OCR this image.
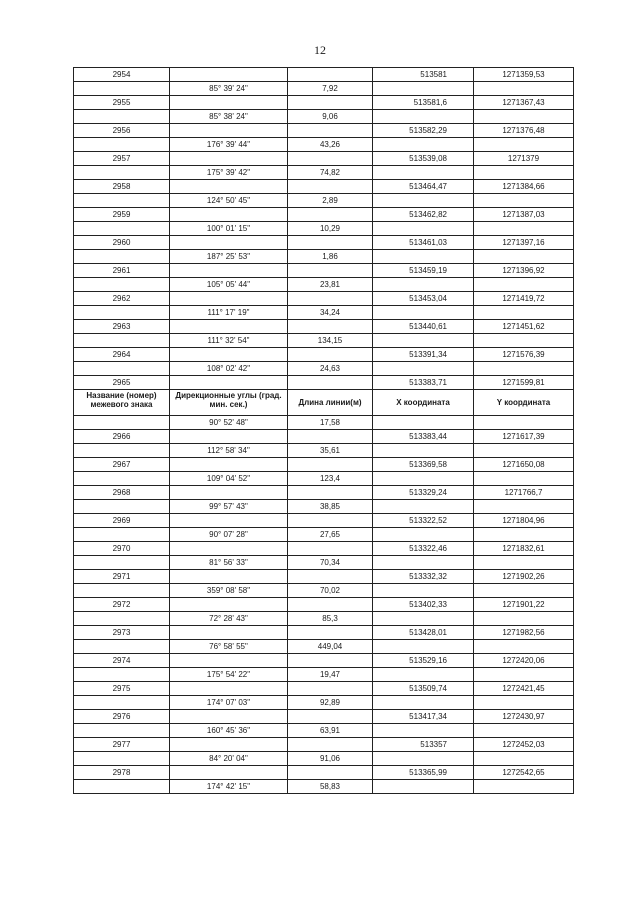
12
2954			513581	1271359,53
	85° 39' 24"	7,92		
2955			513581,6	1271367,43
	85° 38' 24"	9,06		
2956			513582,29	1271376,48
	176° 39' 44"	43,26		
2957			513539,08	1271379
	175° 39' 42"	74,82		
2958			513464,47	1271384,66
	124° 50' 45"	2,89		
2959			513462,82	1271387,03
	100° 01' 15"	10,29		
2960			513461,03	1271397,16
	187° 25' 53"	1,86		
2961			513459,19	1271396,92
	105° 05' 44"	23,81		
2962			513453,04	1271419,72
	111° 17' 19"	34,24		
2963			513440,61	1271451,62
	111° 32' 54"	134,15		
2964			513391,34	1271576,39
	108° 02' 42"	24,63		
2965			513383,71	1271599,81
Название (номер) межевого знака	Дирекционные углы (град. мин. сек.)	Длина линии(м)	X координата	Y координата
	90° 52' 48"	17,58		
2966			513383,44	1271617,39
	112° 58' 34"	35,61		
2967			513369,58	1271650,08
	109° 04' 52"	123,4		
2968			513329,24	1271766,7
	99° 57' 43"	38,85		
2969			513322,52	1271804,96
	90° 07' 28"	27,65		
2970			513322,46	1271832,61
	81° 56' 33"	70,34		
2971			513332,32	1271902,26
	359° 08' 58"	70,02		
2972			513402,33	1271901,22
	72° 28' 43"	85,3		
2973			513428,01	1271982,56
	76° 58' 55"	449,04		
2974			513529,16	1272420,06
	175° 54' 22"	19,47		
2975			513509,74	1272421,45
	174° 07' 03"	92,89		
2976			513417,34	1272430,97
	160° 45' 36"	63,91		
2977			513357	1272452,03
	84° 20' 04"	91,06		
2978			513365,99	1272542,65
	174° 42' 15"	58,83		
